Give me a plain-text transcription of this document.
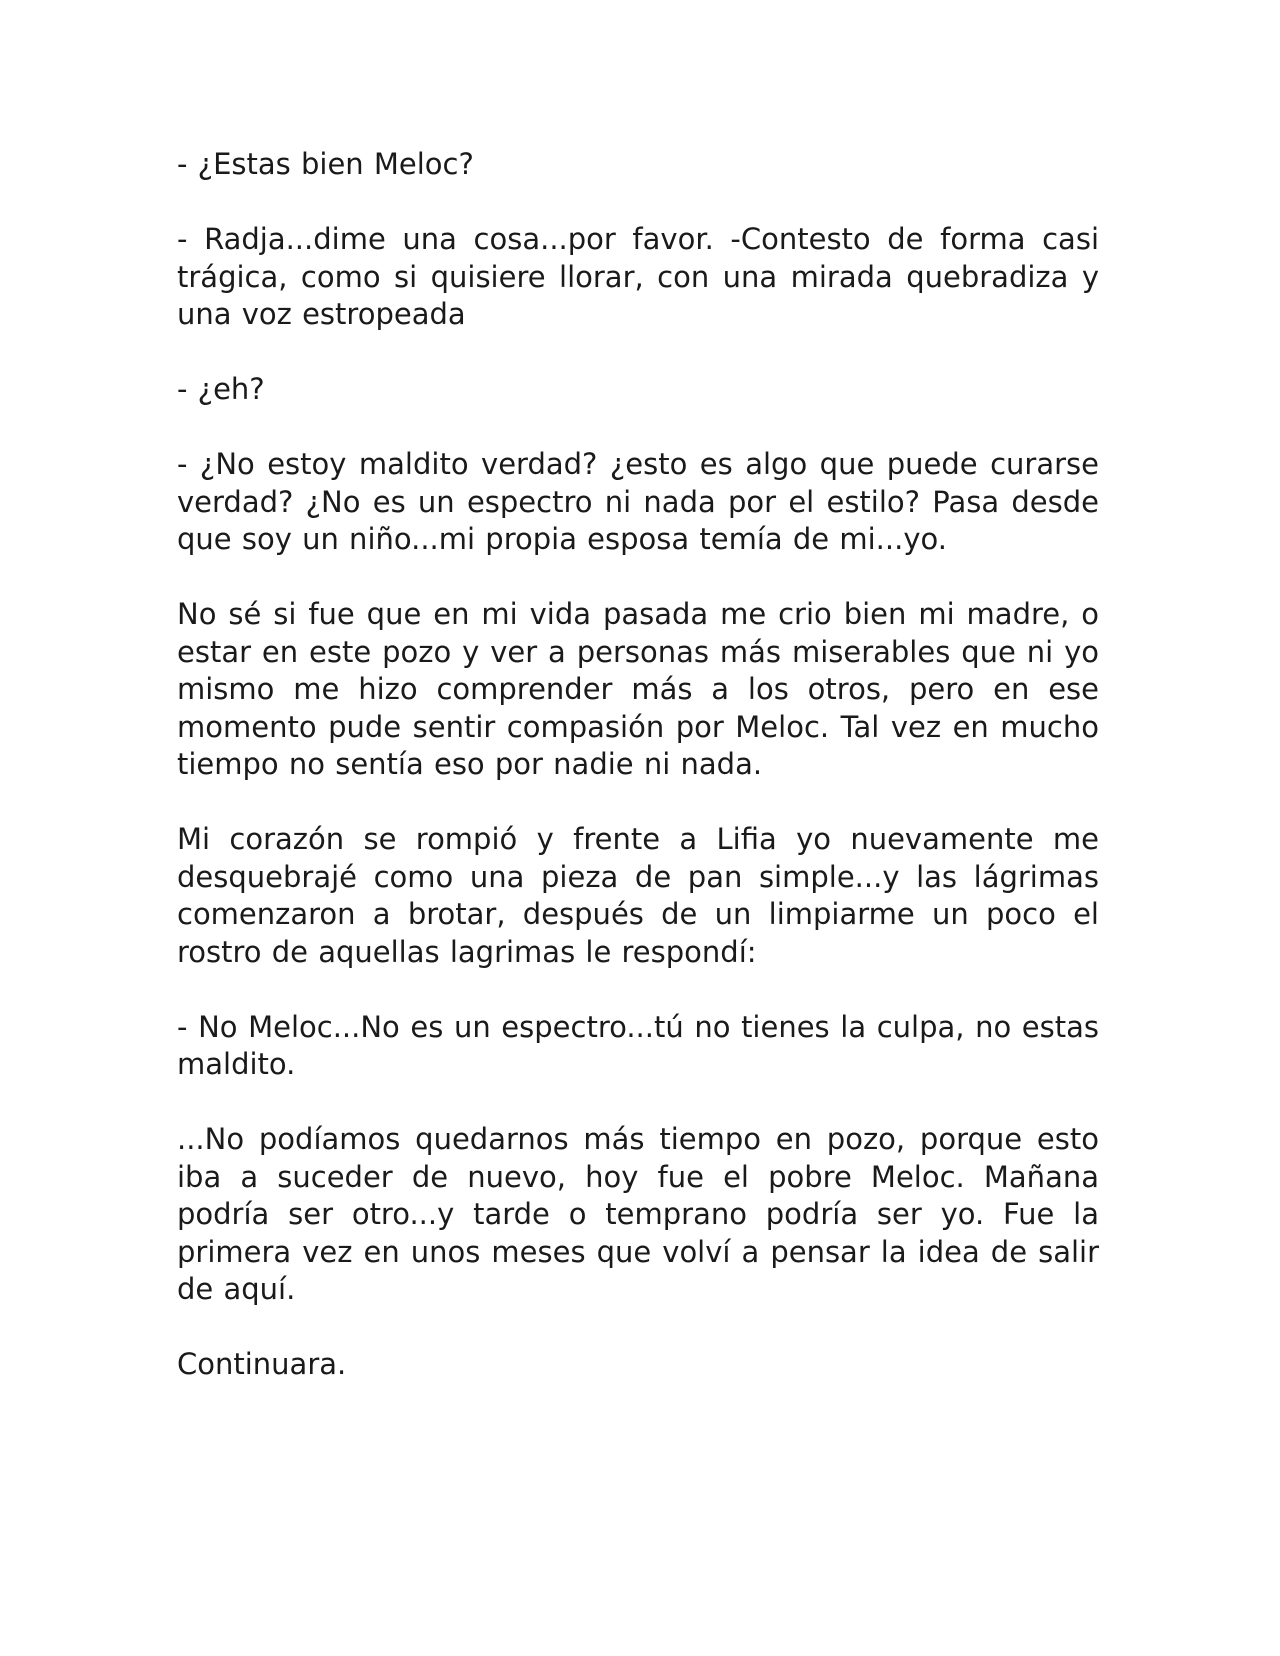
- ¿Estas bien Meloc?

- Radja...dime una cosa...por favor. -Contesto de forma casi trágica, como si quisiere llorar, con una mirada quebradiza y una voz estropeada

- ¿eh?

- ¿No estoy maldito verdad? ¿esto es algo que puede curarse verdad? ¿No es un espectro ni nada por el estilo? Pasa desde que soy un niño...mi propia esposa temía de mi...yo.

No sé si fue que en mi vida pasada me crio bien mi madre, o estar en este pozo y ver a personas más miserables que ni yo mismo me hizo comprender más a los otros, pero en ese momento pude sentir compasión por Meloc. Tal vez en mucho tiempo no sentía eso por nadie ni nada.

Mi corazón se rompió y frente a Lifia yo nuevamente me desquebrajé como una pieza de pan simple...y las lágrimas comenzaron a brotar, después de un limpiarme un poco el rostro de aquellas lagrimas le respondí:

- No Meloc...No es un espectro...tú no tienes la culpa, no estas maldito.

...No podíamos quedarnos más tiempo en pozo, porque esto iba a suceder de nuevo, hoy fue el pobre Meloc. Mañana podría ser otro...y tarde o temprano podría ser yo. Fue la primera vez en unos meses que volví a pensar la idea de salir de aquí.

Continuara.
